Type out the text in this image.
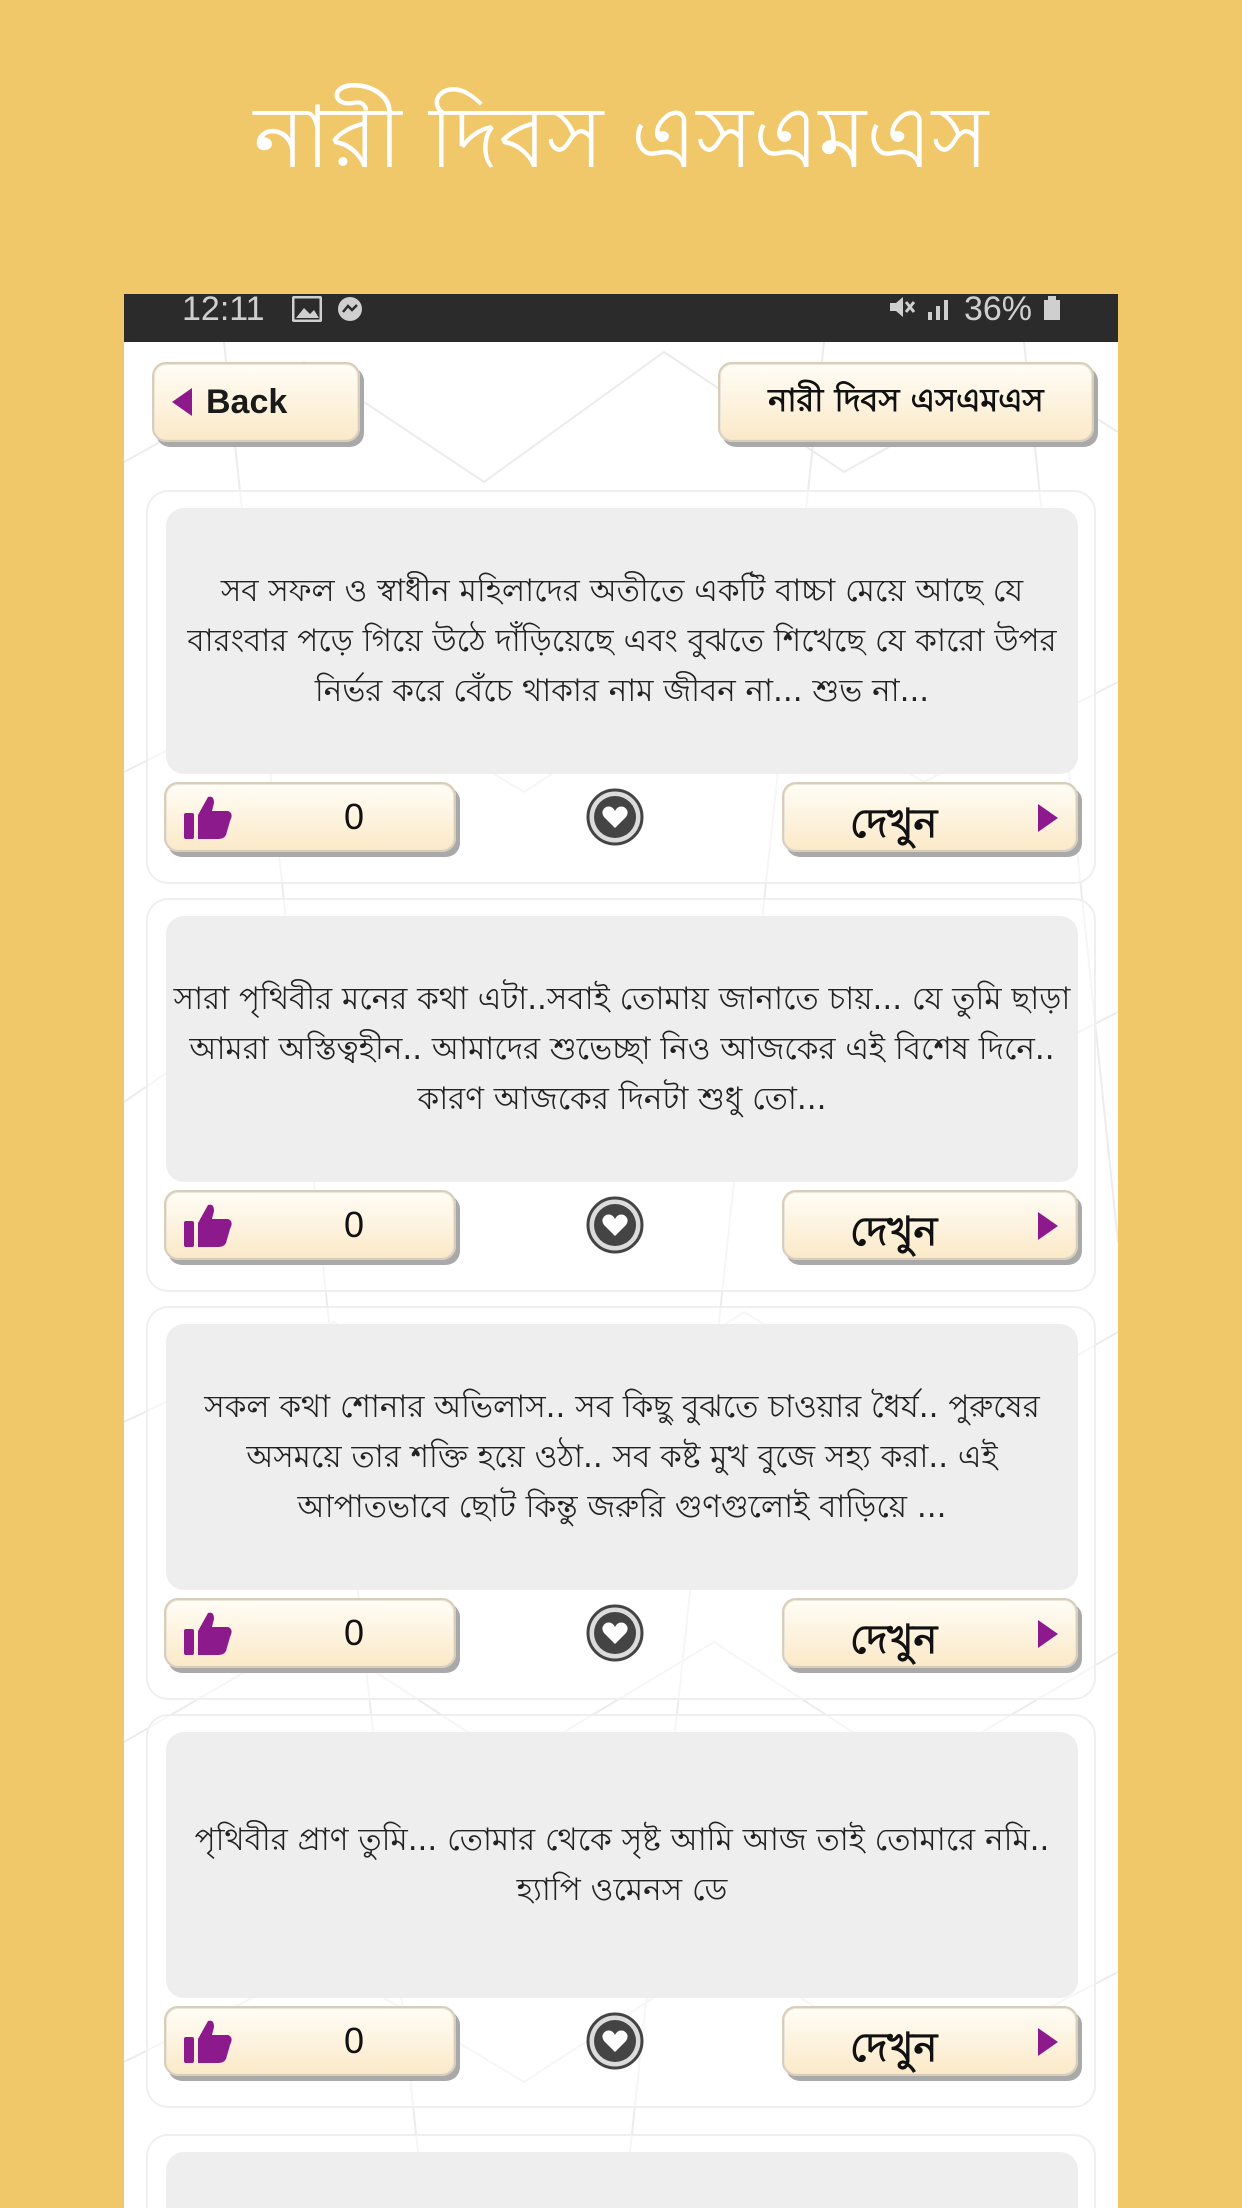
নারী দিবস এসএমএস
12:11	36%
Back	নারী দিবস এসএমএস
সব সফল ও স্বাধীন মহিলাদের অতীতে একটি বাচ্চা মেয়ে আছে যে বারংবার পড়ে গিয়ে উঠে দাঁড়িয়েছে এবং বুঝতে শিখেছে যে কারো উপর নির্ভর করে বেঁচে থাকার নাম জীবন না... শুভ না...
0	দেখুন
সারা পৃথিবীর মনের কথা এটা..সবাই তোমায় জানাতে চায়... যে তুমি ছাড়া আমরা অস্তিত্বহীন.. আমাদের শুভেচ্ছা নিও আজকের এই বিশেষ দিনে.. কারণ আজকের দিনটা শুধু তো...
0	দেখুন
সকল কথা শোনার অভিলাস.. সব কিছু বুঝতে চাওয়ার ধৈর্য.. পুরুষের অসময়ে তার শক্তি হয়ে ওঠা.. সব কষ্ট মুখ বুজে সহ্য করা.. এই আপাতভাবে ছোট কিন্তু জরুরি গুণগুলোই বাড়িয়ে ...
0	দেখুন
পৃথিবীর প্রাণ তুমি... তোমার থেকে সৃষ্ট আমি আজ তাই তোমারে নমি.. হ্যাপি ওমেনস ডে
0	দেখুন
